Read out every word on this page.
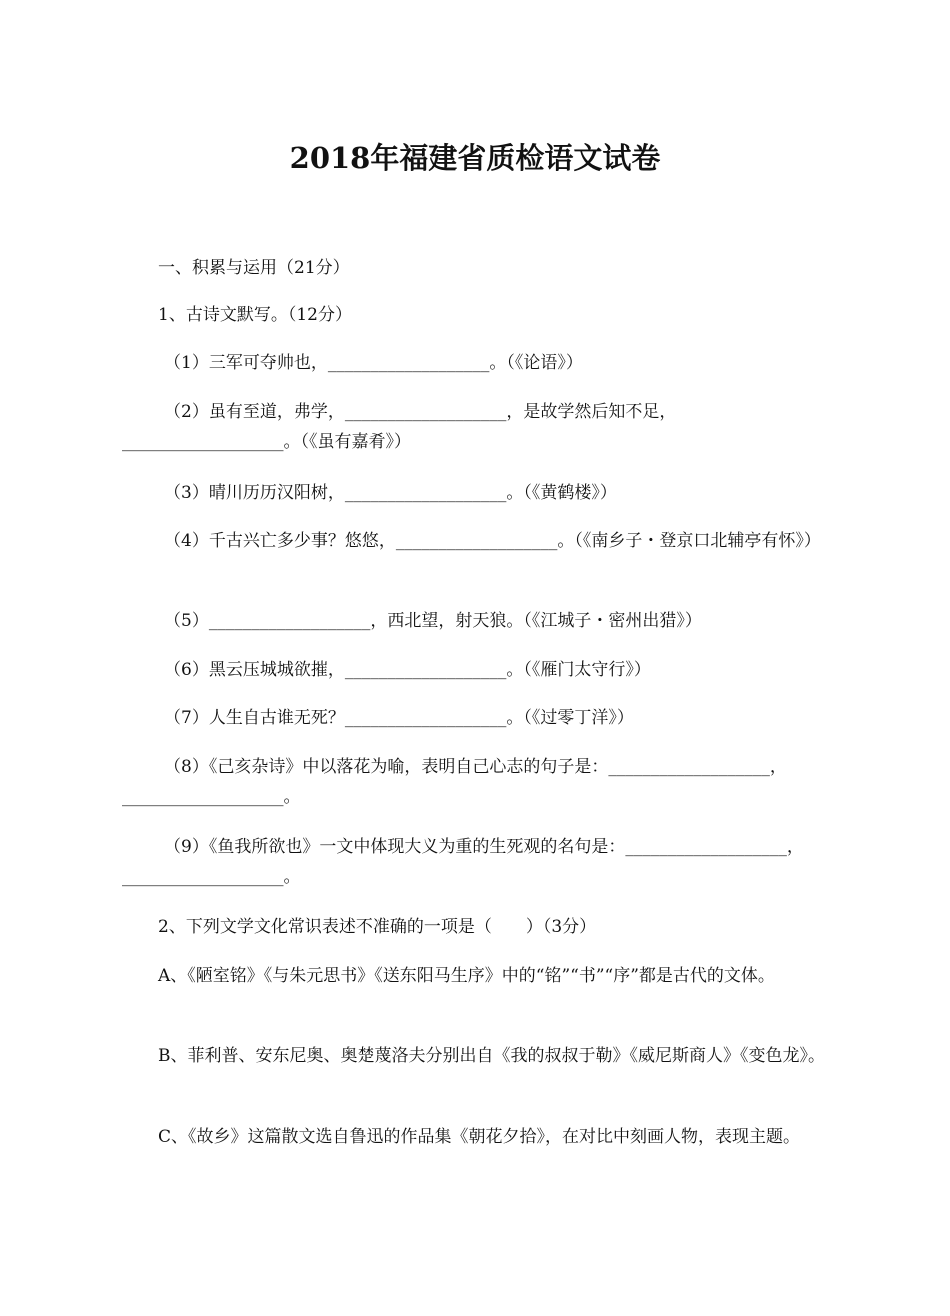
2018年福建省质检语文试卷

一、积累与运用（21分）

1、古诗文默写。（12分）

（1）三军可夺帅也，___________________。（《论语》）

（2）虽有至道，弗学，___________________，是故学然后知不足，___________________。（《虽有嘉肴》）

（3）晴川历历汉阳树，___________________。（《黄鹤楼》）

（4）千古兴亡多少事？悠悠，___________________。（《南乡子・登京口北辅亭有怀》）

（5）___________________，西北望，射天狼。（《江城子・密州出猎》）

（6）黑云压城城欲摧，___________________。（《雁门太守行》）

（7）人生自古谁无死？___________________。（《过零丁洋》）

（8）《己亥杂诗》中以落花为喻，表明自己心志的句子是：___________________，___________________。

（9）《鱼我所欲也》一文中体现大义为重的生死观的名句是：___________________，___________________。

2、下列文学文化常识表述不准确的一项是（　　）（3分）

A、《陋室铭》《与朱元思书》《送东阳马生序》中的“铭”“书”“序”都是古代的文体。

B、菲利普、安东尼奥、奥楚蔑洛夫分别出自《我的叔叔于勒》《威尼斯商人》《变色龙》。

C、《故乡》这篇散文选自鲁迅的作品集《朝花夕拾》，在对比中刻画人物，表现主题。
